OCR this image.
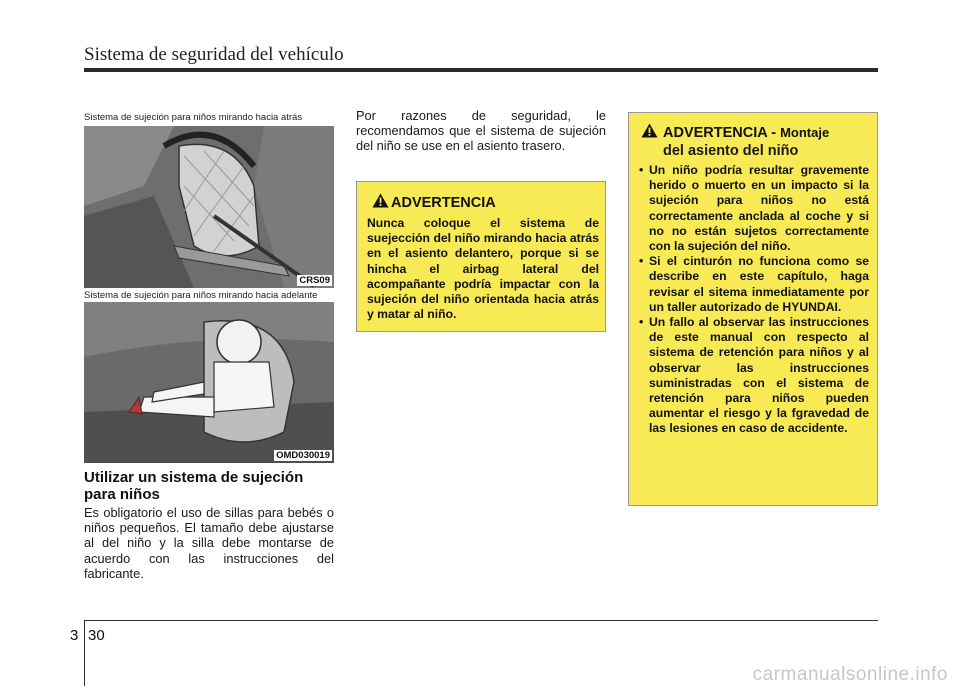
Sistema de seguridad del vehículo
Sistema de sujeción para niños mirando hacia atrás
CRS09
Sistema de sujeción para niños mirando hacia adelante
OMD030019
Utilizar un sistema de sujeción
para niños
Es obligatorio el uso de sillas para bebés o niños pequeños. El tamaño debe ajustarse al del niño y la silla debe montarse de acuerdo con las instrucciones del fabricante.
Por razones de seguridad, le recomendamos que el sistema de sujeción del niño se use en el asiento trasero.
ADVERTENCIA
Nunca coloque el sistema de suejección del niño mirando hacia atrás en el asiento delantero, porque si se hincha el airbag lateral del acompañante podría impactar con la sujeción del niño orientada hacia atrás y matar al niño.
ADVERTENCIA - Montaje
del asiento del niño
• Un niño podría resultar gravemente herido o muerto en un impacto si la sujeción para niños no está correctamente anclada al coche y si no no están sujetos correctamente con la sujeción del niño.
• Si el cinturón no funciona como se describe en este capítulo, haga revisar el sitema inmediatamente por un taller autorizado de HYUNDAI.
• Un fallo al observar las instrucciones de este manual con respecto al sistema de retención para niños y al observar las instrucciones suministradas con el sistema de retención para niños pueden aumentar el riesgo y la fgravedad de las lesiones en caso de accidente.
3 30
carmanualsonline.info
